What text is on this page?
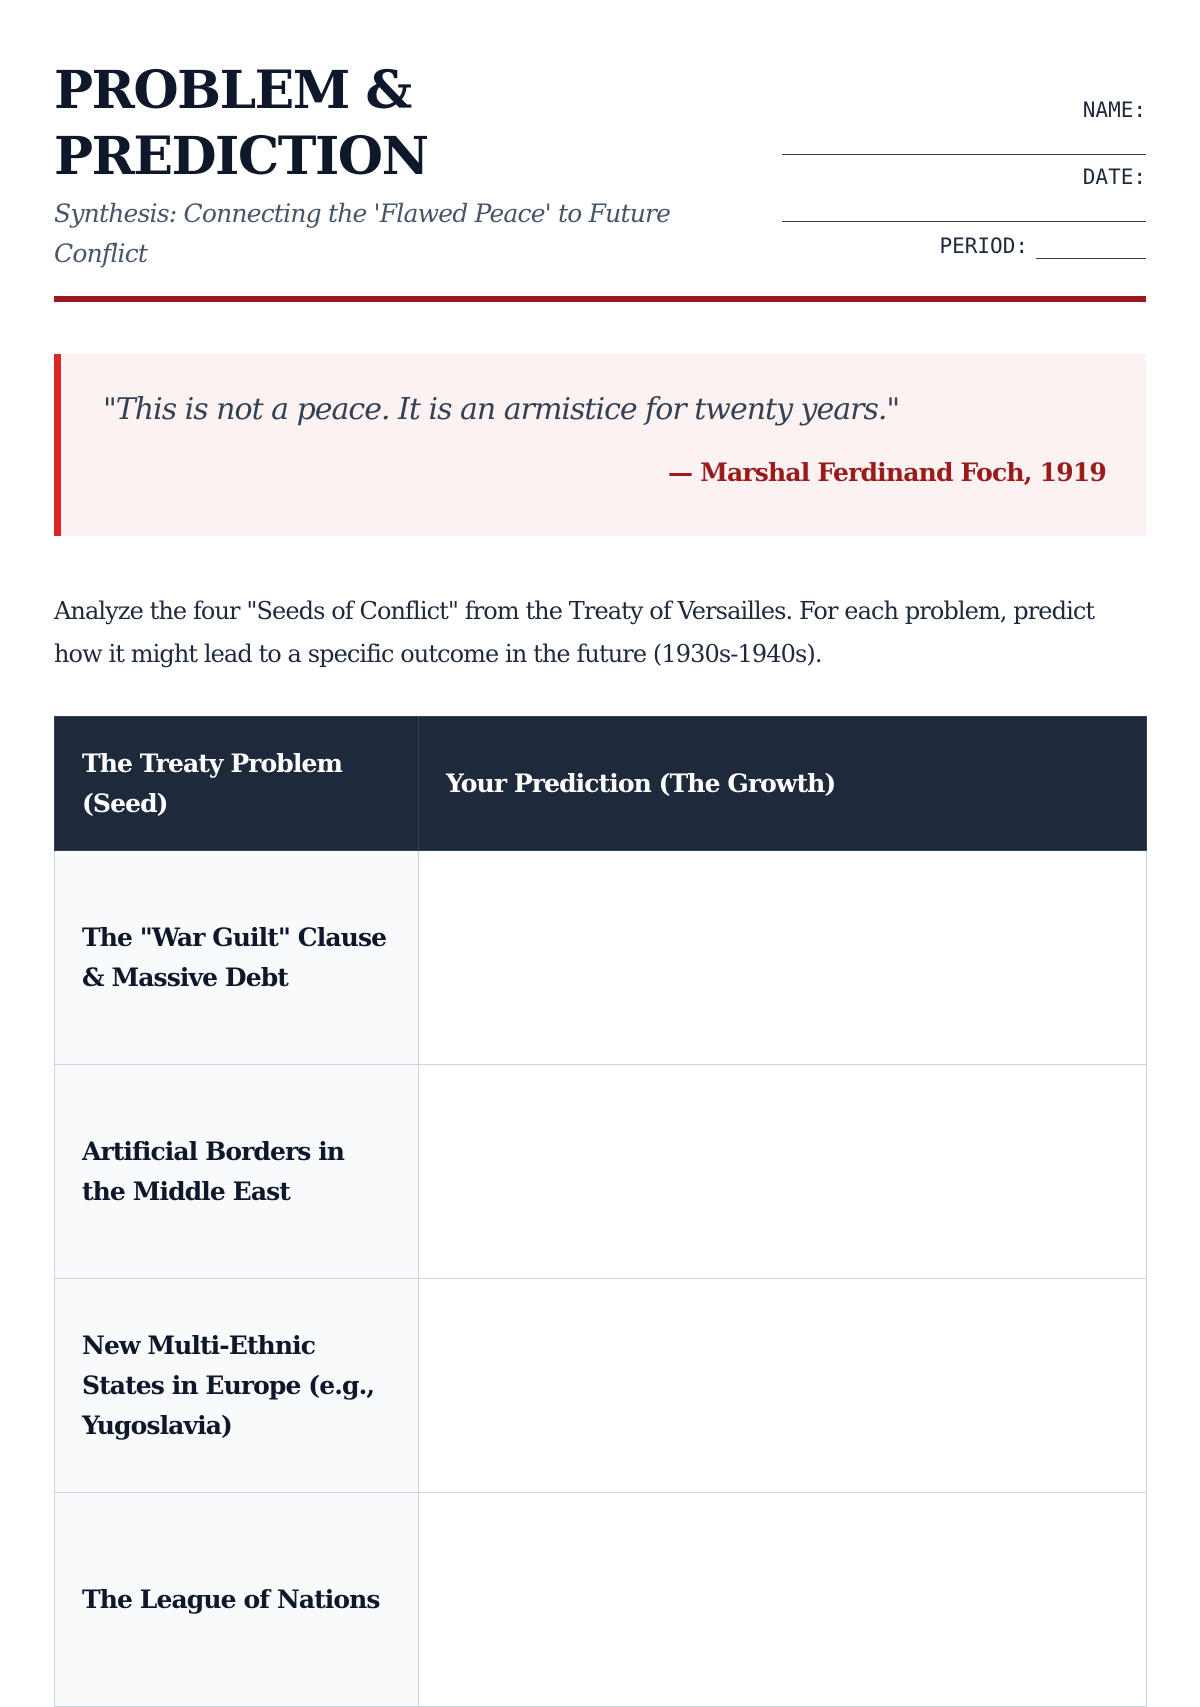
PROBLEM &
PREDICTION

Synthesis: Connecting the 'Flawed Peace' to Future Conflict

NAME:
DATE:
PERIOD:

"This is not a peace. It is an armistice for twenty years."

— Marshal Ferdinand Foch, 1919

Analyze the four "Seeds of Conflict" from the Treaty of Versailles. For each problem, predict how it might lead to a specific outcome in the future (1930s-1940s).

The Treaty Problem (Seed)	Your Prediction (The Growth)
The "War Guilt" Clause & Massive Debt	
Artificial Borders in the Middle East	
New Multi-Ethnic States in Europe (e.g., Yugoslavia)	
The League of Nations	
